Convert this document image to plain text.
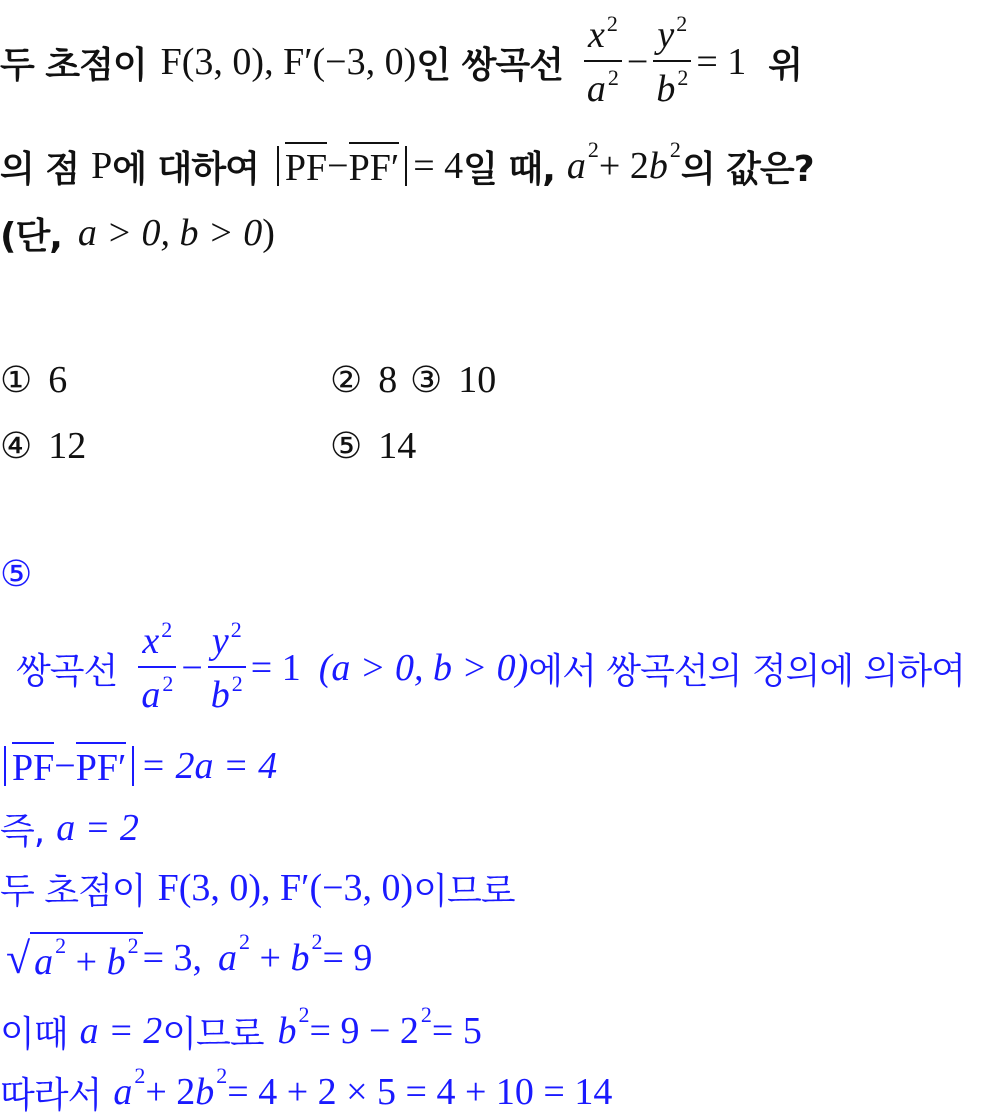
두 초점이 F(3, 0), F′(−3, 0) 인 쌍곡선 $\frac{x^2}{a^2} - \frac{y^2}{b^2} = 1$ 위
의 점 P 에 대하여 PF − PF′ = 4 일 때, a 2 + 2 b 2 의 값은?
(단, a > 0, b > 0 )
① 6	② 8 ③ 10
④ 12	⑤ 14
⑤
쌍곡선 $\frac{x^2}{a^2} - \frac{y^2}{b^2} = 1$ (a > 0, b > 0) 에서 쌍곡선의 정의에 의하여
PF − PF′ = 2a = 4
즉, a = 2
두 초점이 F(3, 0), F′(−3, 0) 이므로
√ a 2 + b 2 = 3, a 2 + b 2 = 9
이때 a = 2 이므로 b 2 = 9 − 2 2 = 5
따라서 a 2 + 2 b 2 = 4 + 2 × 5 = 4 + 10 = 14
